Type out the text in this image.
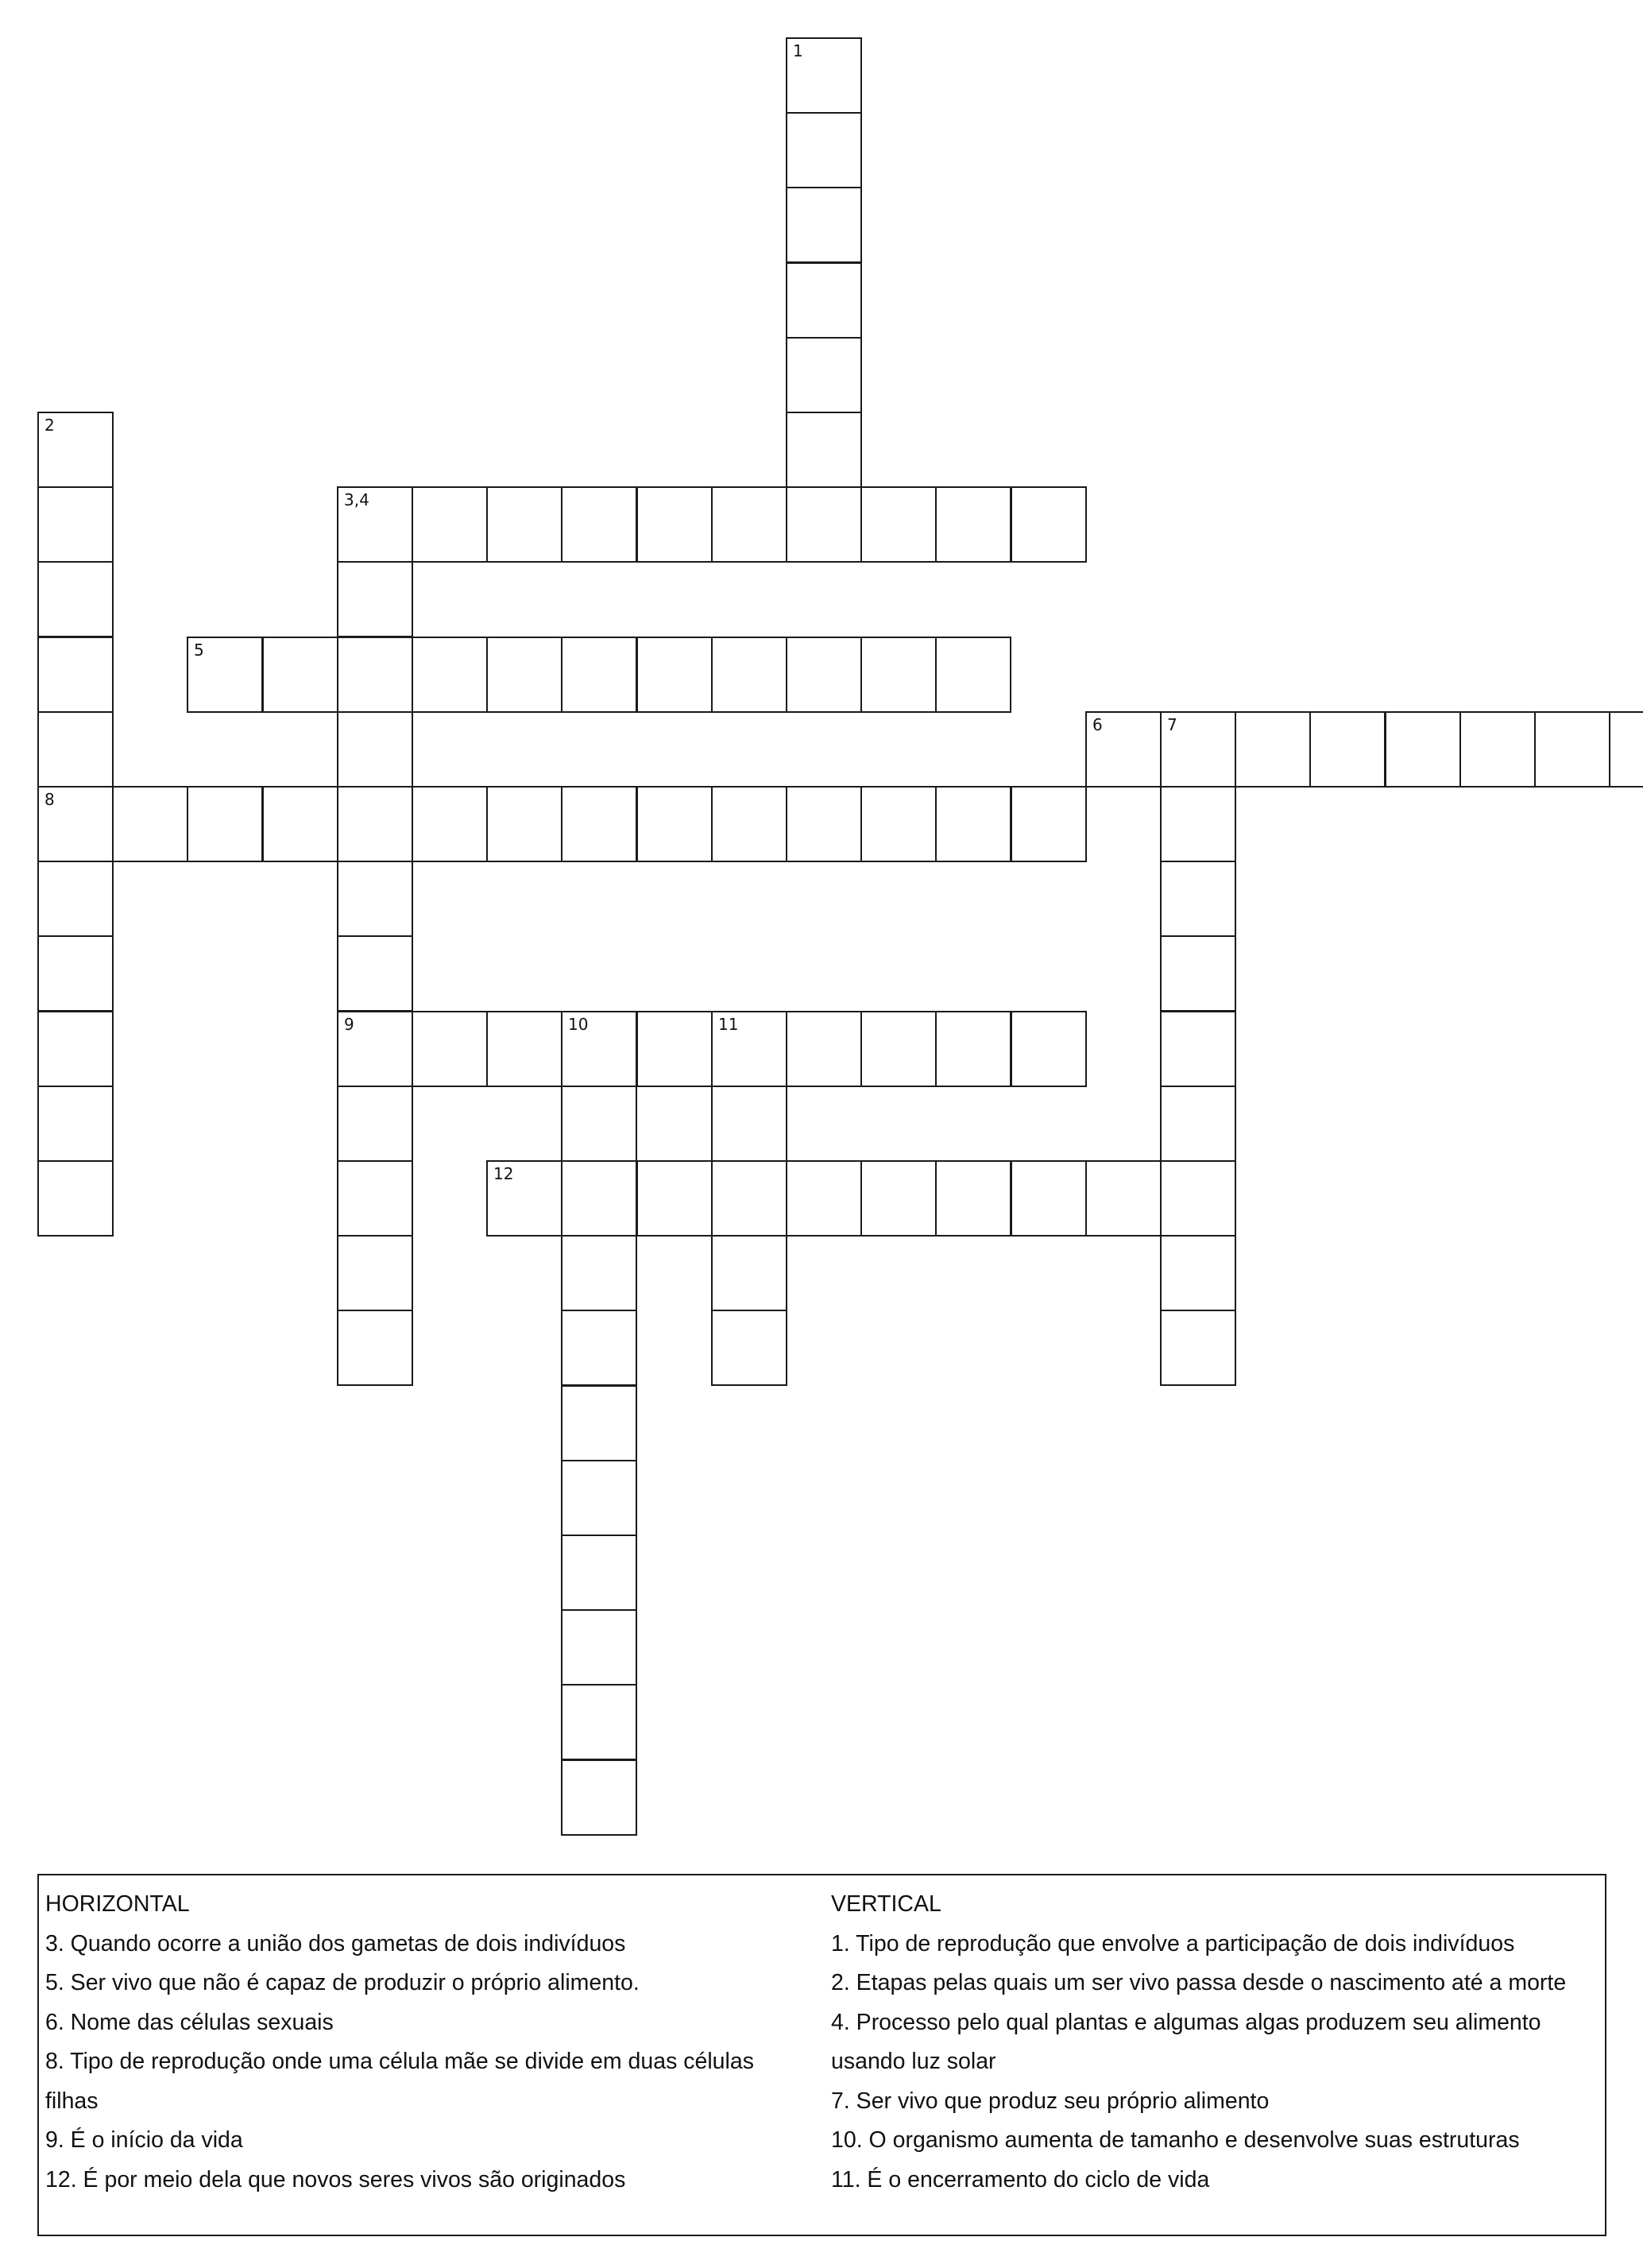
1
2
8
3,4
9
5
6	7
10	11
12
HORIZONTAL
3. Quando ocorre a união dos gametas de dois indivíduos
5. Ser vivo que não é capaz de produzir o próprio alimento.
6. Nome das células sexuais
8. Tipo de reprodução onde uma célula mãe se divide em duas células
filhas
9. É o início da vida
12. É por meio dela que novos seres vivos são originados
VERTICAL
1. Tipo de reprodução que envolve a participação de dois indivíduos
2. Etapas pelas quais um ser vivo passa desde o nascimento até a morte
4. Processo pelo qual plantas e algumas algas produzem seu alimento
usando luz solar
7. Ser vivo que produz seu próprio alimento
10. O organismo aumenta de tamanho e desenvolve suas estruturas
11. É o encerramento do ciclo de vida
